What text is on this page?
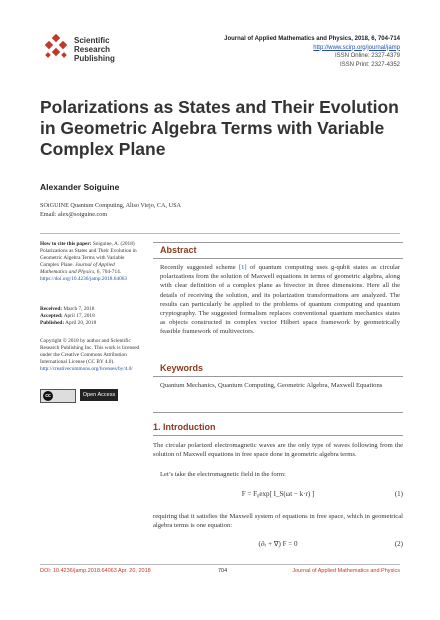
Scientific
Research
Publishing
Journal of Applied Mathematics and Physics, 2018, 6, 704-714
http://www.scirp.org/journal/jamp
ISSN Online: 2327-4379
ISSN Print: 2327-4352
Polarizations as States and Their Evolution in Geometric Algebra Terms with Variable Complex Plane
Alexander Soiguine
SOiGUINE Quantum Computing, Aliso Viejo, CA, USA
Email: alex@soiguine.com
How to cite this paper: Soiguine, A. (2018) Polarizations as States and Their Evolution in Geometric Algebra Terms with Variable Complex Plane. Journal of Applied Mathematics and Physics, 6, 704-714.
https://doi.org/10.4236/jamp.2018.64063
Received: March 7, 2018
Accepted: April 17, 2018
Published: April 20, 2018
Copyright © 2018 by author and Scientific Research Publishing Inc. This work is licensed under the Creative Commons Attribution International License (CC BY 4.0).
http://creativecommons.org/licenses/by/4.0/
cc	Open Access
Abstract
Recently suggested scheme [1] of quantum computing uses g-qubit states as circular polarizations from the solution of Maxwell equations in terms of geometric algebra, along with clear definition of a complex plane as bivector in three dimensions. Here all the details of receiving the solution, and its polarization transformations are analyzed. The results can particularly be applied to the problems of quantum computing and quantum cryptography. The suggested formalism replaces conventional quantum mechanics states as objects constructed in complex vector Hilbert space framework by geometrically feasible framework of multivectors.
Keywords
Quantum Mechanics, Quantum Computing, Geometric Algebra, Maxwell Equations
1. Introduction
The circular polarized electromagnetic waves are the only type of waves following from the solution of Maxwell equations in free space done in geometric algebra terms.
Let’s take the electromagnetic field in the form:
F = F₀exp[ I_S(ωt − k·r) ]	(1)
requiring that it satisfies the Maxwell system of equations in free space, which in geometrical algebra terms is one equation:
(∂ₜ + ∇) F = 0	(2)
DOI: 10.4236/jamp.2018.64063 Apr. 20, 2018	704	Journal of Applied Mathematics and Physics
